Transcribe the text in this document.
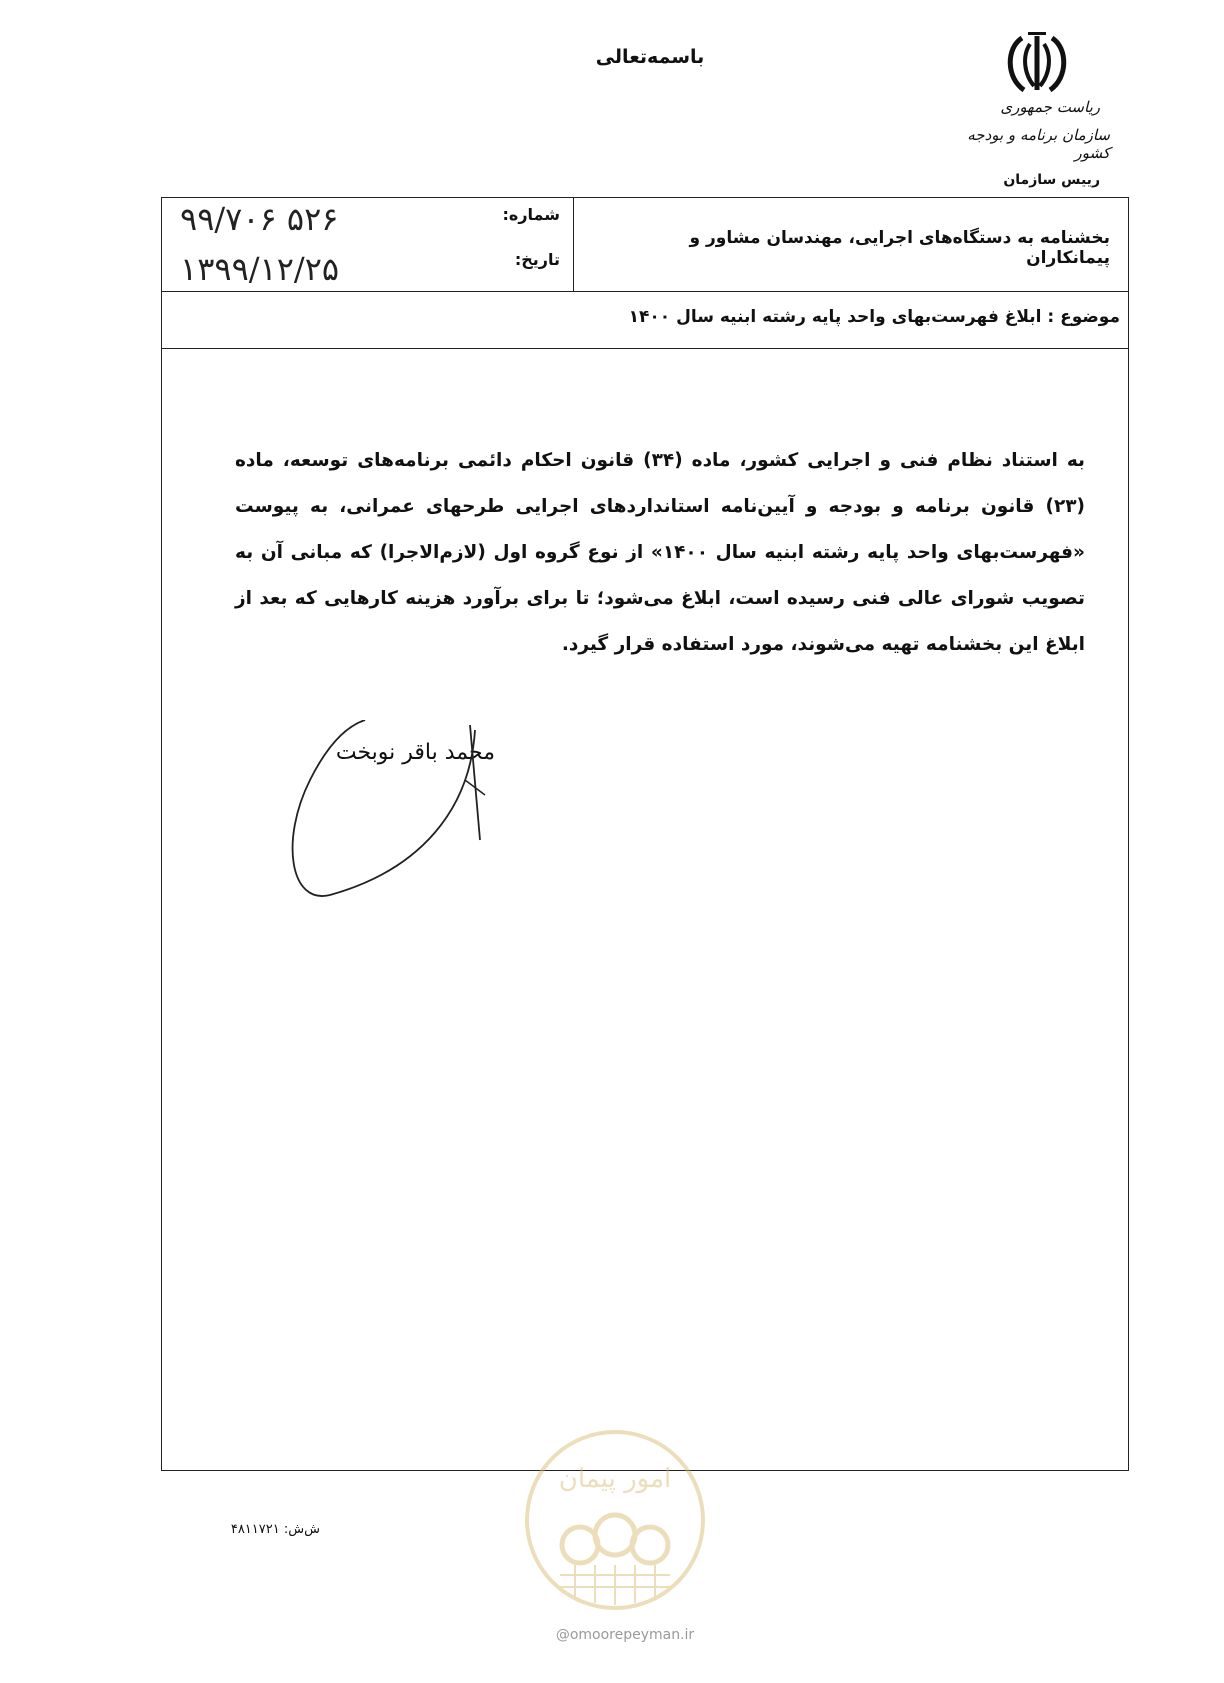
باسمه‌تعالی
ریاست جمهوری
سازمان برنامه و بودجه کشور
رییس سازمان
شماره:
۹۹/۷۰۶ ۵۲۶
تاریخ:
۱۳۹۹/۱۲/۲۵
بخشنامه به دستگاه‌های اجرایی، مهندسان مشاور و پیمانکاران
موضوع : ابلاغ فهرست‌بهای واحد پایه رشته ابنیه سال ۱۴۰۰
به استناد نظام فنی و اجرایی کشور، ماده (۳۴) قانون احکام دائمی برنامه‌های توسعه، ماده (۲۳) قانون برنامه و بودجه و آیین‌نامه استانداردهای اجرایی طرحهای عمرانی، به پیوست «فهرست‌بهای واحد پایه رشته ابنیه سال ۱۴۰۰» از نوع گروه اول (لازم‌الاجرا) که مبانی آن به تصویب شورای عالی فنی رسیده است، ابلاغ می‌شود؛ تا برای برآورد هزینه کارهایی که بعد از ابلاغ این بخشنامه تهیه می‌شوند، مورد استفاده قرار گیرد.
محمد باقر نوبخت
امور پیمان
@omoorepeyman.ir
ش‌ش: ۴۸۱۱۷۲۱
